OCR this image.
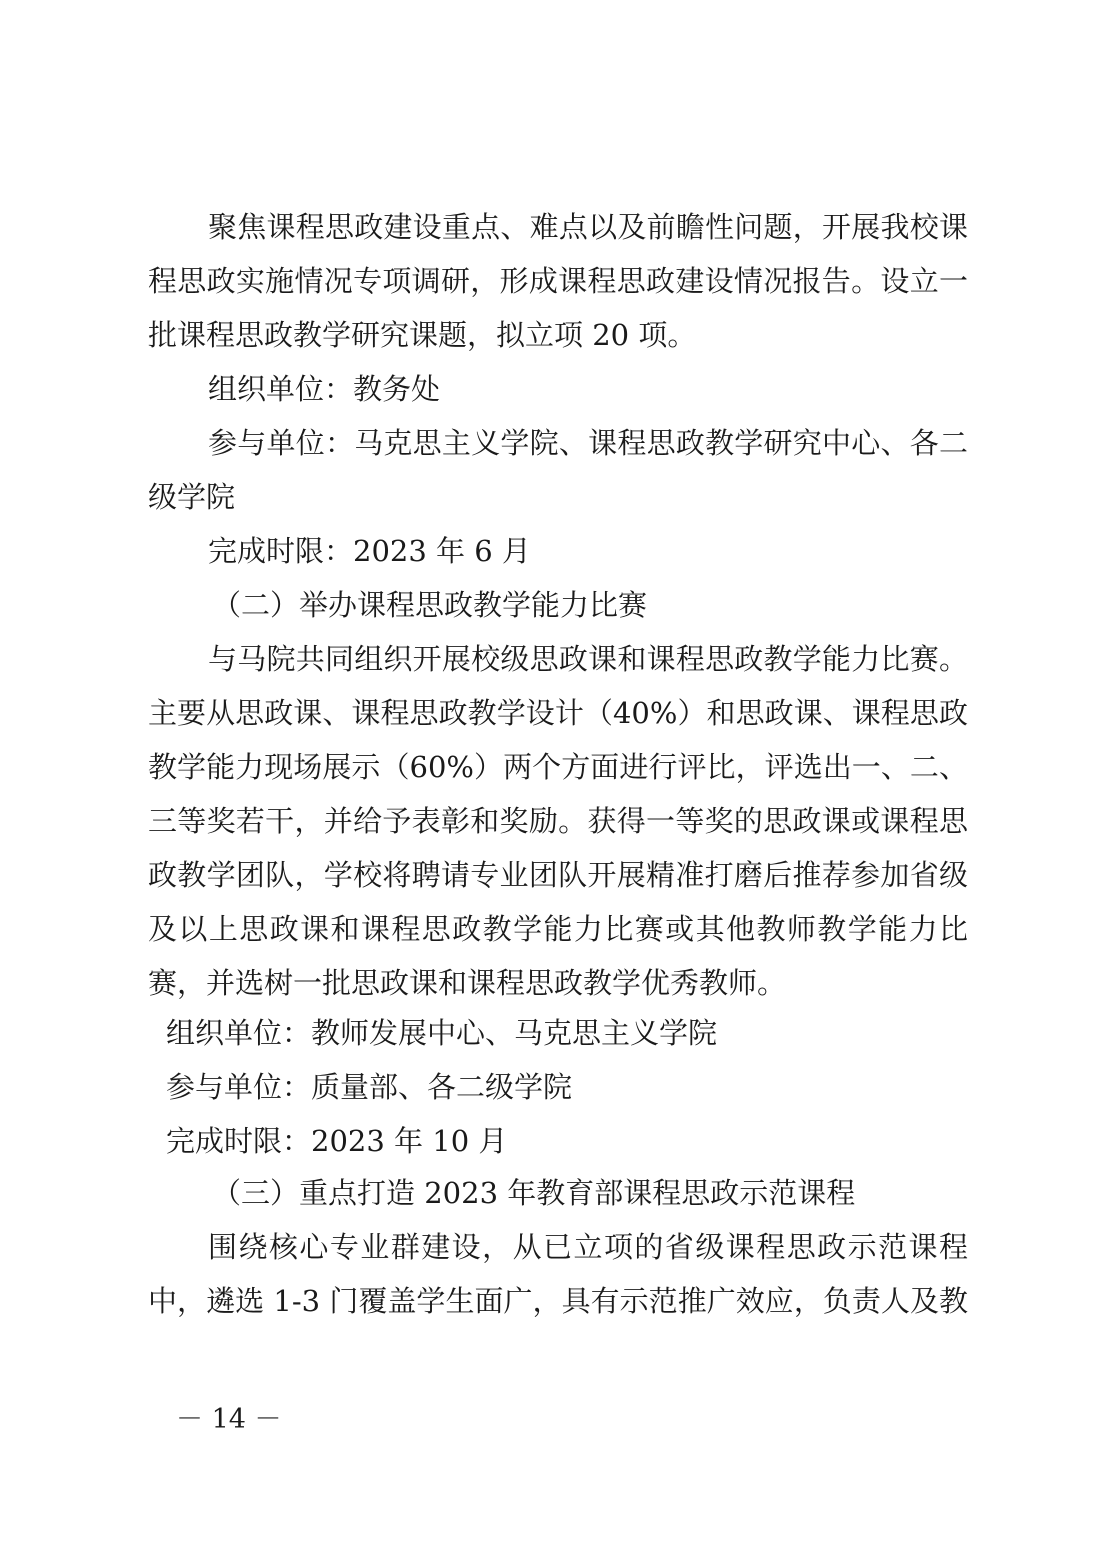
聚焦课程思政建设重点、难点以及前瞻性问题，开展我校课
程思政实施情况专项调研，形成课程思政建设情况报告。设立一
批课程思政教学研究课题，拟立项 20 项。
组织单位：教务处
参与单位：马克思主义学院、课程思政教学研究中心、各二
级学院
完成时限：2023 年 6 月
（二）举办课程思政教学能力比赛
与马院共同组织开展校级思政课和课程思政教学能力比赛。
主要从思政课、课程思政教学设计（40%）和思政课、课程思政
教学能力现场展示（60%）两个方面进行评比，评选出一、二、
三等奖若干，并给予表彰和奖励。获得一等奖的思政课或课程思
政教学团队，学校将聘请专业团队开展精准打磨后推荐参加省级
及以上思政课和课程思政教学能力比赛或其他教师教学能力比
赛，并选树一批思政课和课程思政教学优秀教师。
组织单位：教师发展中心、马克思主义学院
参与单位：质量部、各二级学院
完成时限：2023 年 10 月
（三）重点打造 2023 年教育部课程思政示范课程
围绕核心专业群建设，从已立项的省级课程思政示范课程
中，遴选 1-3 门覆盖学生面广，具有示范推广效应，负责人及教
－ 14 －
